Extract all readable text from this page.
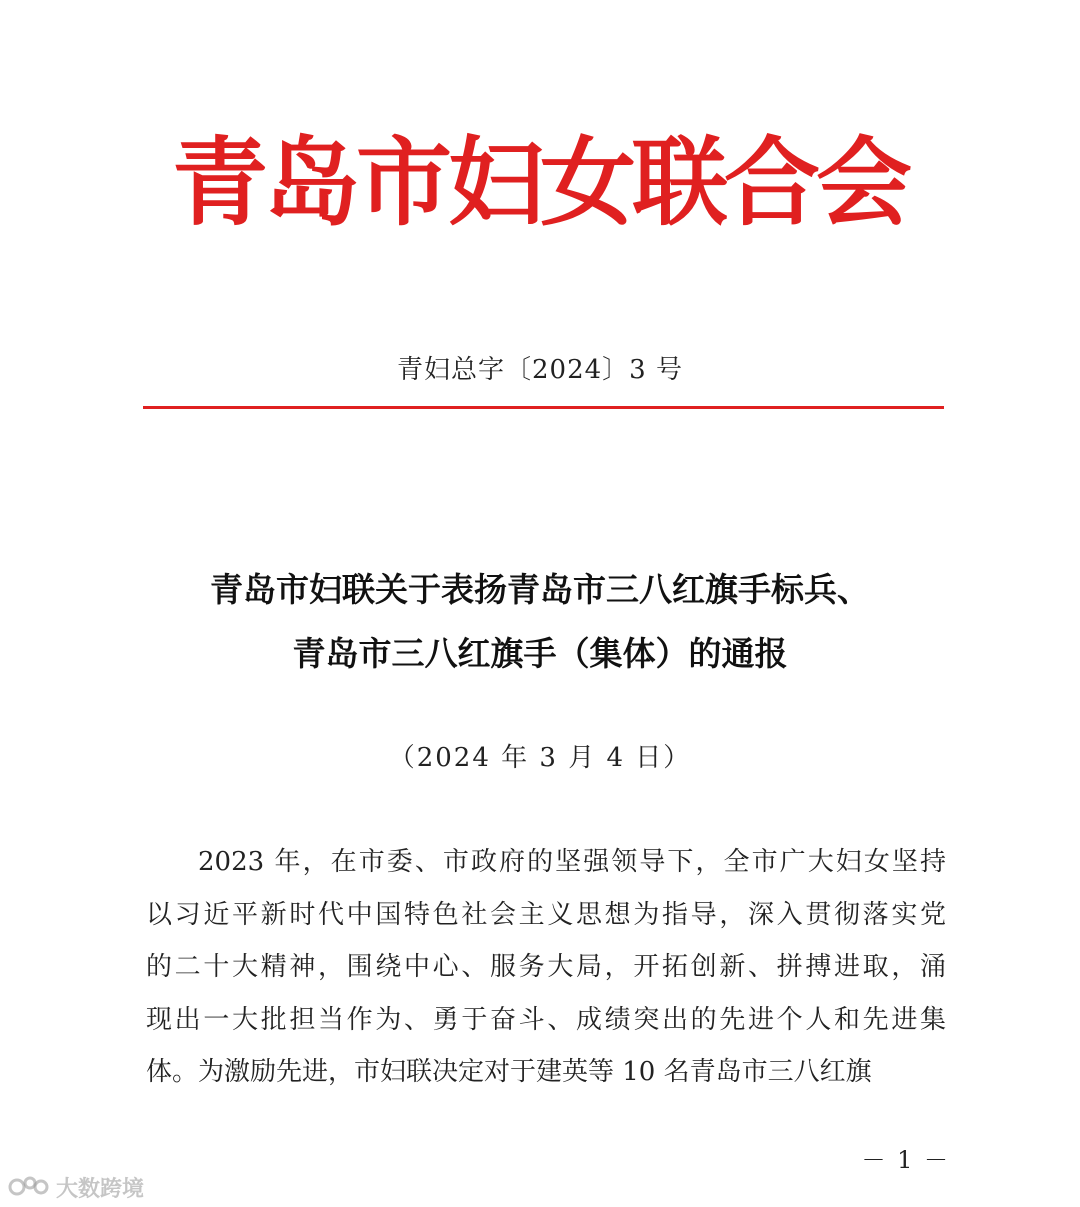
青岛市妇女联合会
青妇总字〔2024〕3 号
青岛市妇联关于表扬青岛市三八红旗手标兵、
青岛市三八红旗手（集体）的通报
（2024 年 3 月 4 日）
2023 年，在市委、市政府的坚强领导下，全市广大妇女坚持
以习近平新时代中国特色社会主义思想为指导，深入贯彻落实党
的二十大精神，围绕中心、服务大局，开拓创新、拼搏进取，涌
现出一大批担当作为、勇于奋斗、成绩突出的先进个人和先进集
体。为激励先进，市妇联决定对于建英等 10 名青岛市三八红旗
－ 1 －
大数跨境
